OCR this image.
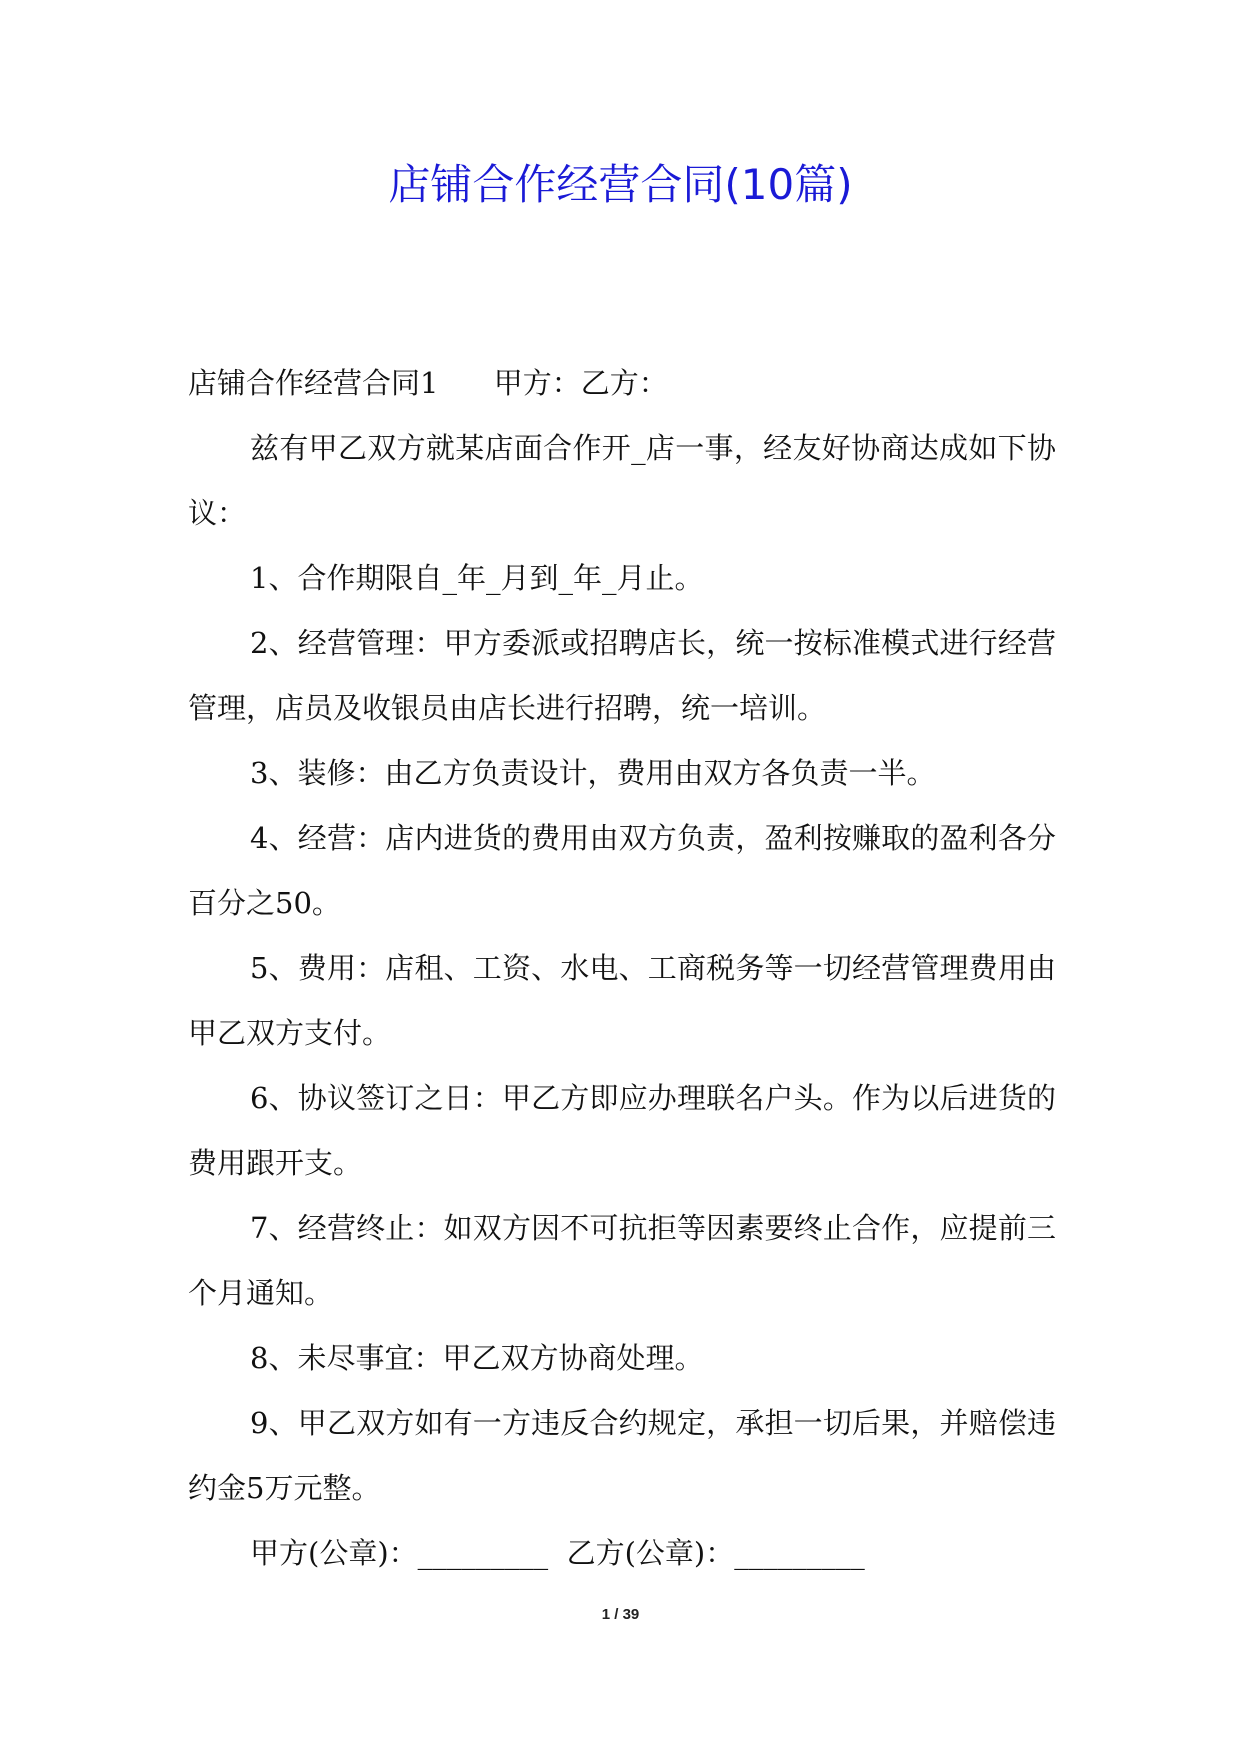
店铺合作经营合同(10篇)

店铺合作经营合同1      甲方：乙方：

兹有甲乙双方就某店面合作开_店一事，经友好协商达成如下协议：

1、合作期限自_年_月到_年_月止。

2、经营管理：甲方委派或招聘店长，统一按标准模式进行经营管理，店员及收银员由店长进行招聘，统一培训。

3、装修：由乙方负责设计，费用由双方各负责一半。

4、经营：店内进货的费用由双方负责，盈利按赚取的盈利各分百分之50。

5、费用：店租、工资、水电、工商税务等一切经营管理费用由甲乙双方支付。

6、协议签订之日：甲乙方即应办理联名户头。作为以后进货的费用跟开支。

7、经营终止：如双方因不可抗拒等因素要终止合作，应提前三个月通知。

8、未尽事宜：甲乙双方协商处理。

9、甲乙双方如有一方违反合约规定，承担一切后果，并赔偿违约金5万元整。

甲方(公章)：_________  乙方(公章)：_________

1 / 39
